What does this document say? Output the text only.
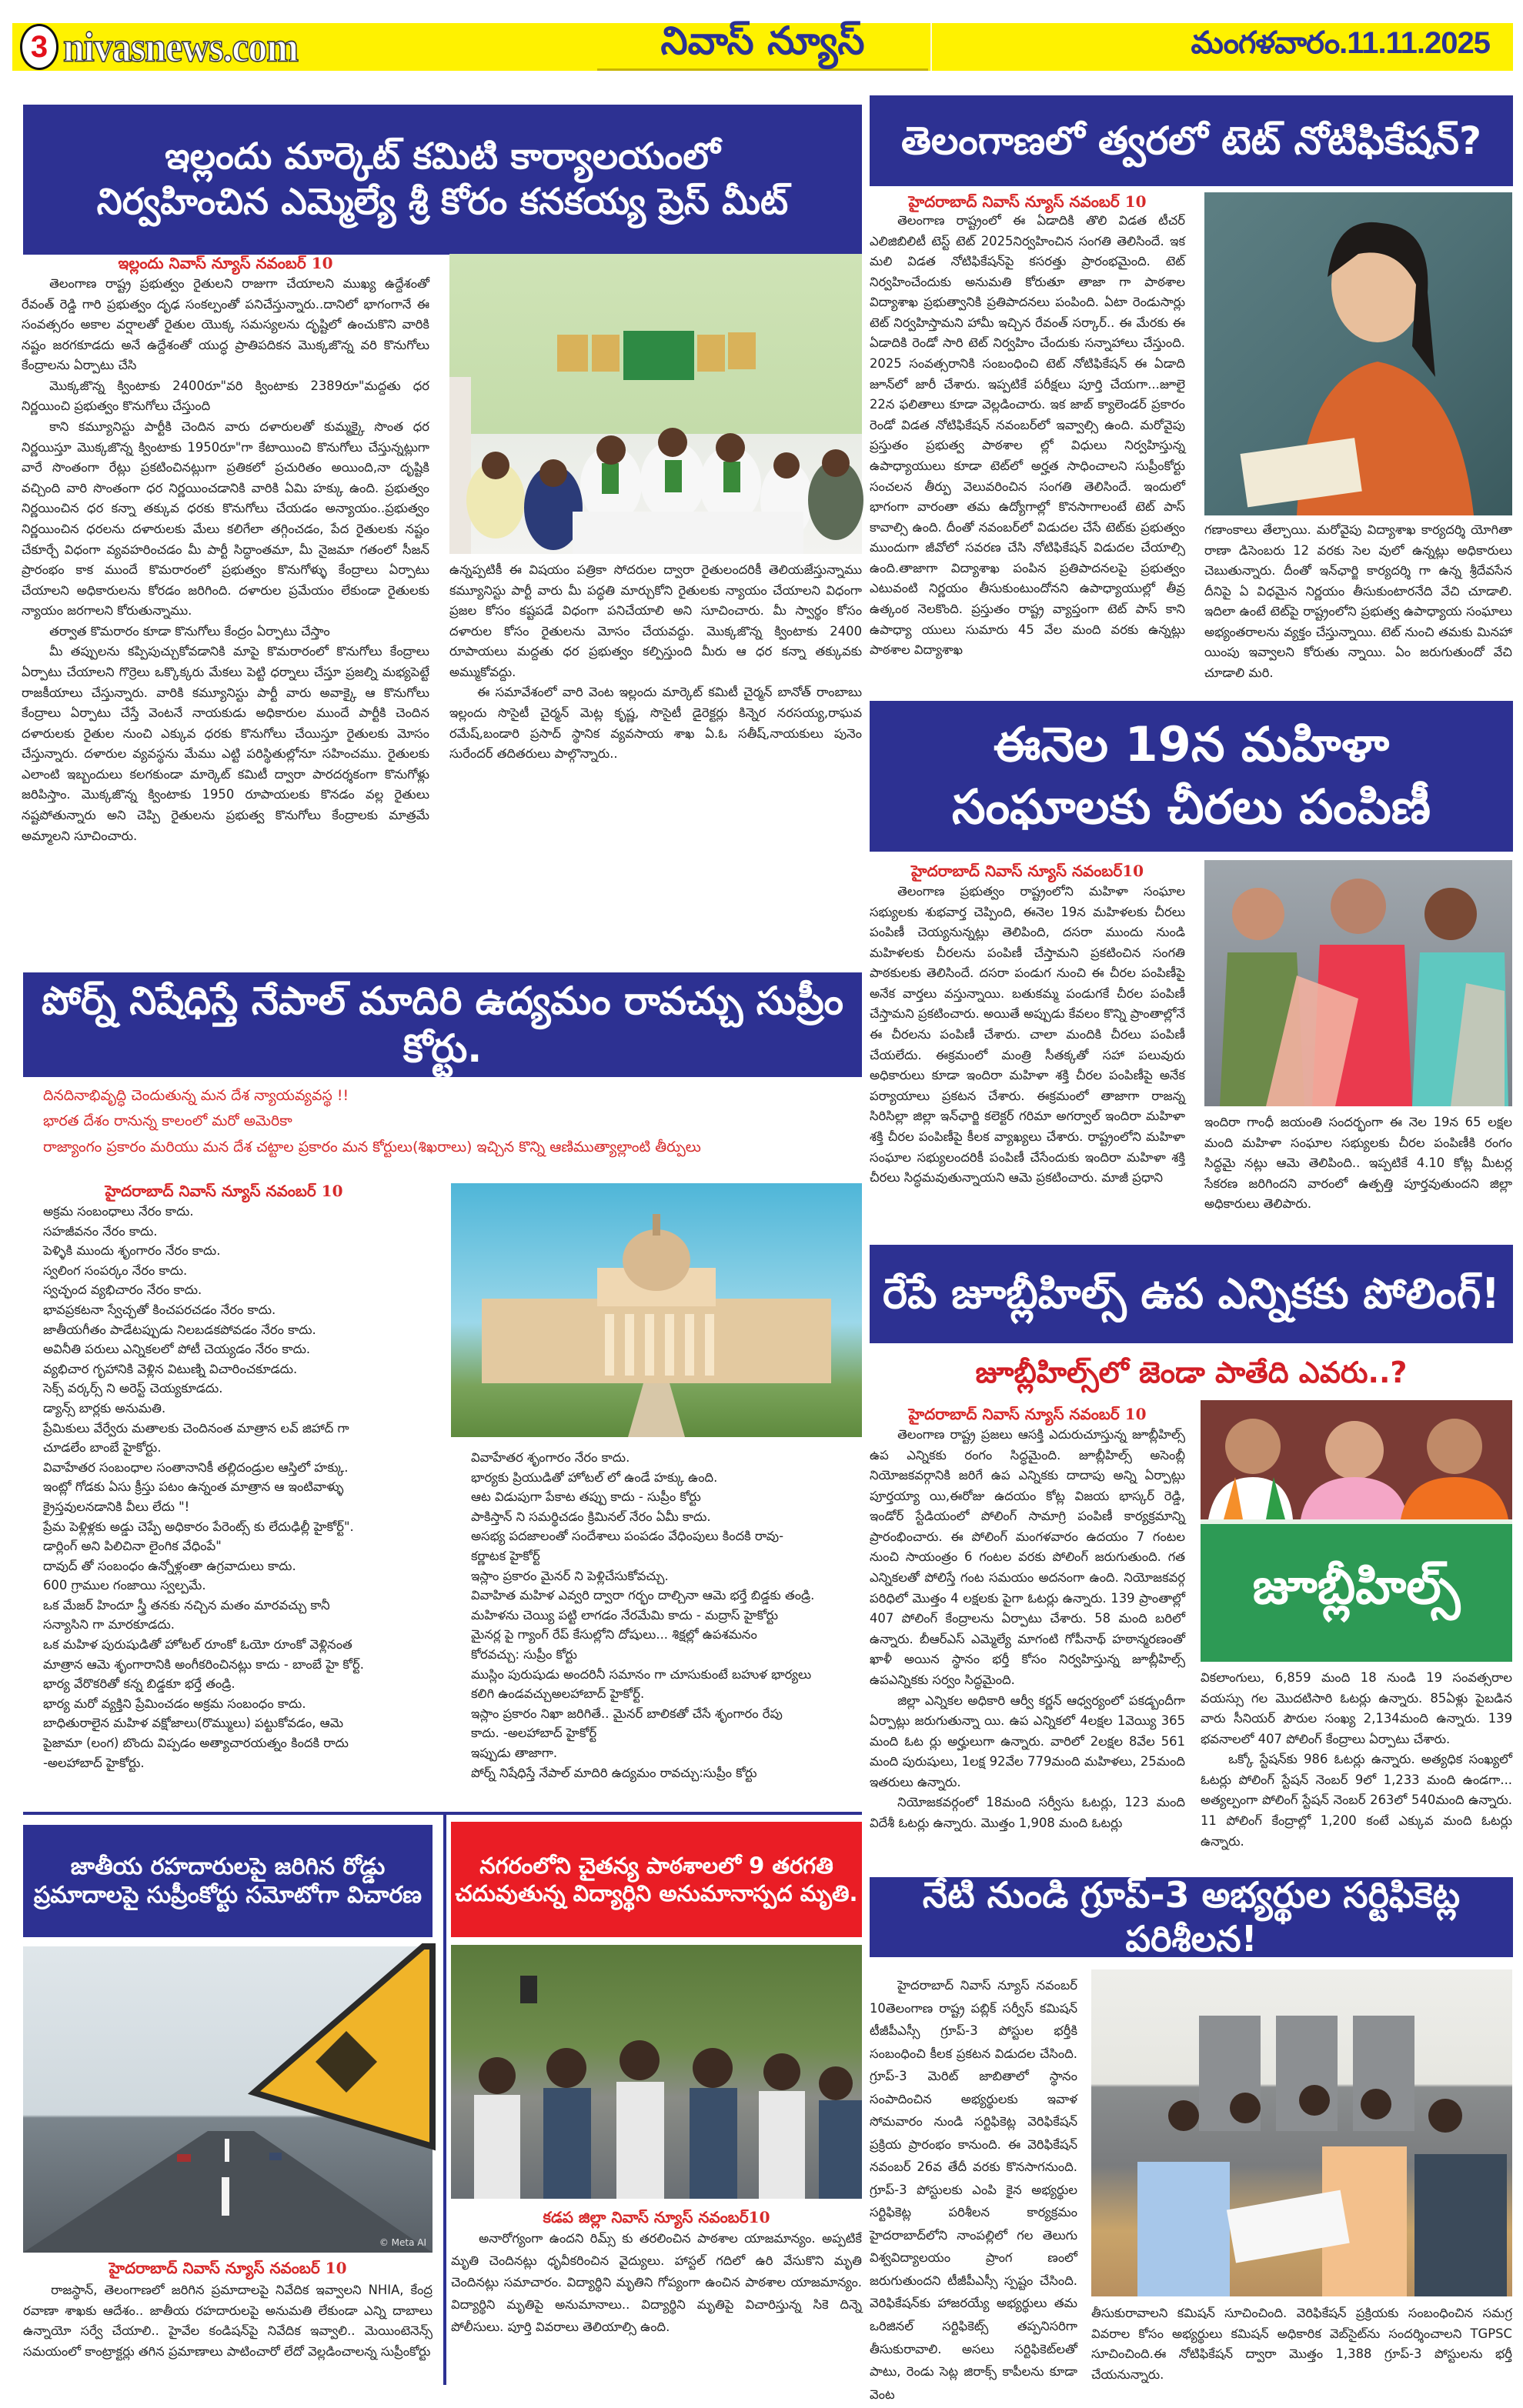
3 nivasnews.com	నివాస్ న్యూస్	మంగళవారం.11.11.2025
ఇల్లందు మార్కెట్ కమిటి కార్యాలయంలో
నిర్వహించిన ఎమ్మెల్యే శ్రీ కోరం కనకయ్య ప్రెస్ మీట్
ఇల్లందు నివాస్ న్యూస్ నవంబర్ 10

తెలంగాణ రాష్ట్ర ప్రభుత్వం రైతులని రాజుగా చేయాలని ముఖ్య ఉద్దేశంతో రేవంత్ రెడ్డి గారి ప్రభుత్వం దృఢ సంకల్పంతో పనిచేస్తున్నారు..దానిలో భాగంగానే ఈ సంవత్సరం అకాల వర్షాలతో రైతుల యొక్క సమస్యలను దృష్టిలో ఉంచుకొని వారికి నష్టం జరగకూడదు అనే ఉద్దేశంతో యుద్ధ ప్రాతిపదికన మొక్కజొన్న వరి కొనుగోలు కేంద్రాలను ఏర్పాటు చేసి

మొక్కజొన్న క్వింటాకు 2400రూ"వరి క్వింటాకు 2389రూ"మద్దతు ధర నిర్ణయించి ప్రభుత్వం కొనుగోలు చేస్తుంది

కాని కమ్యూనిస్టు పార్టీకి చెందిన వారు దళారులతో కుమ్మక్కై సొంత ధర నిర్ణయిస్తూ మొక్కజొన్న క్వింటాకు 1950రూ"గా కేటాయించి కొనుగోలు చేస్తున్నట్లుగా వారే సొంతంగా రేట్లు ప్రకటించినట్లుగా ప్రతికలో ప్రచురితం అయింది,నా దృష్టికి వచ్చింది వారి సొంతంగా ధర నిర్ణయించడానికి వారికి ఏమి హక్కు ఉంది. ప్రభుత్వం నిర్ణయించిన ధర కన్నా తక్కువ ధరకు కొనుగోలు చేయడం అన్యాయం..ప్రభుత్వం నిర్ణయించిన ధరలను దళారులకు మేలు కలిగేలా తగ్గించడం, పేద రైతులకు నష్టం చేకూర్చే విధంగా వ్యవహరించడం మీ పార్టీ సిద్ధాంతమా, మీ నైజమా గతంలో సీజన్ ప్రారంభం కాక ముందే కొమరారంలో ప్రభుత్వం కొనుగోళ్ళు కేంద్రాలు ఏర్పాటు చేయాలని అధికారులను కోరడం జరిగింది. దళారుల ప్రమేయం లేకుండా రైతులకు న్యాయం జరగాలని కోరుతున్నాము.

తర్వాత కొమరారం కూడా కొనుగోలు కేంద్రం ఏర్పాటు చేస్తాం

మీ తప్పులను కప్పిపుచ్చుకోవడానికి మాపై కొమరారంలో కొనుగోలు కేంద్రాలు ఏర్పాటు చేయాలని గొర్రెలు ఒక్కొక్కరు మేకలు పెట్టి ధర్నాలు చేస్తూ ప్రజల్ని మభ్యపెట్టే రాజకీయాలు చేస్తున్నారు. వారికి కమ్యూనిస్టు పార్టీ వారు అవాక్కై ఆ కొనుగోలు కేంద్రాలు ఏర్పాటు చేస్తే వెంటనే నాయకుడు అధికారుల ముందే పార్టీకి చెందిన దళారులకు రైతుల నుంచి ఎక్కువ ధరకు కొనుగోలు చేయిస్తూ రైతులకు మోసం చేస్తున్నారు. దళారుల వ్యవస్థను మేము ఎట్టి పరిస్థితుల్లోనూ సహించము. రైతులకు ఎలాంటి ఇబ్బందులు కలగకుండా మార్కెట్ కమిటీ ద్వారా పారదర్శకంగా కొనుగోళ్లు జరిపిస్తాం. మొక్కజొన్న క్వింటాకు 1950 రూపాయలకు కొనడం వల్ల రైతులు నష్టపోతున్నారు అని చెప్పి రైతులను ప్రభుత్వ కొనుగోలు కేంద్రాలకు మాత్రమే అమ్మాలని సూచించారు.

ఉన్నప్పటికీ ఈ విషయం పత్రికా సోదరుల ద్వారా రైతులందరికీ తెలియజేస్తున్నాము కమ్యూనిస్టు పార్టీ వారు మీ పద్ధతి మార్చుకోని రైతులకు న్యాయం చేయాలని విధంగా ప్రజల కోసం కష్టపడే విధంగా పనిచేయాలి అని సూచించారు. మీ స్వార్థం కోసం దళారుల కోసం రైతులను మోసం చేయవద్దు. మొక్కజొన్న క్వింటాకు 2400 రూపాయలు మద్దతు ధర ప్రభుత్వం కల్పిస్తుంది మీరు ఆ ధర కన్నా తక్కువకు అమ్ముకోవద్దు.

ఈ సమావేశంలో వారి వెంట ఇల్లందు మార్కెట్ కమిటీ చైర్మన్ బానోత్ రాంబాబు ఇల్లందు సొసైటీ చైర్మన్ మెట్ల కృష్ణ, సొసైటీ డైరెక్టర్లు కిన్నెర నరసయ్య,రాఘవ రమేష్,బండారి ప్రసాద్ స్థానిక వ్యవసాయ శాఖ ఏ.ఓ సతీష్,నాయకులు పునెం సురేందర్ తదితరులు పాల్గొన్నారు..

తెలంగాణలో త్వరలో టెట్ నోటిఫికేషన్?
హైదరాబాద్ నివాస్ న్యూస్ నవంబర్ 10

తెలంగాణ రాష్ట్రంలో ఈ ఏడాదికి తొలి విడత టీచర్ ఎలిజిబిలిటీ టెస్ట్ టెట్ 2025నిర్వహించిన సంగతి తెలిసిందే. ఇక మలి విడత నోటిఫికేషన్‌పై కసరత్తు ప్రారంభమైంది. టెట్ నిర్వహించేందుకు అనుమతి కోరుతూ తాజా గా పాఠశాల విద్యాశాఖ ప్రభుత్వానికి ప్రతిపాదనలు పంపింది. ఏటా రెండుసార్లు టెట్ నిర్వహిస్తామని హామీ ఇచ్చిన రేవంత్ సర్కార్.. ఈ మేరకు ఈ ఏడాదికి రెండో సారి టెట్ నిర్వహిం చేందుకు సన్నాహాలు చేస్తుంది. 2025 సంవత్సరానికి సంబంధించి టెట్ నోటిఫికేషన్ ఈ ఏడాది జూన్‌లో జారీ చేశారు. ఇప్పటికే పరీక్షలు పూర్తి చేయగా...జూలై 22న ఫలితాలు కూడా వెల్లడించారు. ఇక జాబ్ క్యాలెండర్ ప్రకారం రెండో విడత నోటిఫికేషన్ నవంబర్‌లో ఇవ్వాల్సి ఉంది. మరోవైపు ప్రస్తుతం ప్రభుత్వ పాఠశాల ల్లో విధులు నిర్వహిస్తున్న ఉపాధ్యాయులు కూడా టెట్‌లో అర్హత సాధించాలని సుప్రీంకోర్టు సంచలన తీర్పు వెలువరించిన సంగతి తెలిసిందే. ఇందులో భాగంగా వారంతా తమ ఉద్యోగాల్లో కొనసాగాలంటే టెట్ పాస్ కావాల్సి ఉంది. దీంతో నవంబర్‌లో విడుదల చేసే టెట్‌కు ప్రభుత్వం ముందుగా జీవోలో సవరణ చేసి నోటిఫికేషన్ విడుదల చేయాల్సి ఉంది.తాజాగా విద్యాశాఖ పంపిన ప్రతిపాదనలపై ప్రభుత్వం ఎటువంటి నిర్ణయం తీసుకుంటుందోనని ఉపాధ్యాయుల్లో తీవ్ర ఉత్కంఠ నెలకొంది. ప్రస్తుతం రాష్ట్ర వ్యాప్తంగా టెట్ పాస్ కాని ఉపాధ్యా యులు సుమారు 45 వేల మంది వరకు ఉన్నట్లు పాఠశాల విద్యాశాఖ

గణాంకాలు తేల్చాయి. మరోవైపు విద్యాశాఖ కార్యదర్శి యోగితా రాణా డిసెంబరు 12 వరకు సెల వులో ఉన్నట్లు అధికారులు చెబుతున్నారు. దీంతో ఇన్‌ఛార్జి కార్యదర్శి గా ఉన్న శ్రీదేవసేన దీనిపై ఏ విధమైన నిర్ణయం తీసుకుంటారనేది వేచి చూడాలి. ఇదిలా ఉంటే టెట్‌పై రాష్ట్రంలోని ప్రభుత్వ ఉపాధ్యాయ సంఘాలు అభ్యంతరాలను వ్యక్తం చేస్తున్నాయి. టెట్ నుంచి తమకు మినహా యింపు ఇవ్వాలని కోరుతు న్నాయి. ఏం జరుగుతుందో వేచి చూడాలి మరి.

ఈనెల 19న మహిళా
సంఘాలకు చీరలు పంపిణీ
హైదరాబాద్ నివాస్ న్యూస్ నవంబర్10

తెలంగాణ ప్రభుత్వం రాష్ట్రంలోని మహిళా సంఘాల సభ్యులకు శుభవార్త చెప్పింది, ఈనెల 19న మహిళలకు చీరలు పంపిణీ చెయ్యనున్నట్లు తెలిపింది, దసరా ముందు నుండి మహిళలకు చీరలను పంపిణీ చేస్తామని ప్రకటించిన సంగతి పాఠకులకు తెలిసిందే. దసరా పండుగ నుంచి ఈ చీరల పంపిణీపై అనేక వార్తలు వస్తున్నాయి. బతుకమ్మ పండుగకే చీరల పంపిణీ చేస్తామని ప్రకటించారు. అయితే అప్పుడు కేవలం కొన్ని ప్రాంతాల్లోనే ఈ చీరలను పంపిణీ చేశారు. చాలా మందికి చీరలు పంపిణీ చేయలేదు. ఈక్రమంలో మంత్రి సీతక్కతో సహా పలువురు అధికారులు కూడా ఇందిరా మహిళా శక్తి చీరల పంపిణీపై అనేక పర్యాయాలు ప్రకటన చేశారు. ఈక్రమంలో తాజాగా రాజన్న సిరిసిల్లా జిల్లా ఇన్‌ఛార్జి కలెక్టర్ గరిమా అగర్వాల్ ఇందిరా మహిళా శక్తి చీరల పంపిణీపై కీలక వ్యాఖ్యలు చేశారు. రాష్ట్రంలోని మహిళా సంఘాల సభ్యులందరికీ పంపిణీ చేసేందుకు ఇందిరా మహిళా శక్తి చీరలు సిద్ధమవుతున్నాయని ఆమె ప్రకటించారు. మాజీ ప్రధాని

ఇందిరా గాంధీ జయంతి సందర్భంగా ఈ నెల 19న 65 లక్షల మంది మహిళా సంఘాల సభ్యులకు చీరల పంపిణీకి రంగం సిద్ధమై నట్లు ఆమె తెలిపింది.. ఇప్పటికే 4.10 కోట్ల మీటర్ల సేకరణ జరిగిందని వారంలో ఉత్పత్తి పూర్తవుతుందని జిల్లా అధికారులు తెలిపారు.

పోర్న్ నిషేధిస్తే నేపాల్ మాదిరి ఉద్యమం రావచ్చు సుప్రీం కోర్టు.
దినదినాభివృద్ధి చెందుతున్న మన దేశ న్యాయవ్యవస్థ !!
భారత దేశం రానున్న కాలంలో మరో అమెరికా
రాజ్యాంగం ప్రకారం మరియు మన దేశ చట్టాల ప్రకారం మన కోర్టులు(శిఖరాలు) ఇచ్చిన కొన్ని ఆణిముత్యాల్లాంటి తీర్పులు
హైదరాబాద్ నివాస్ న్యూస్ నవంబర్ 10
అక్రమ సంబంధాలు నేరం కాదు.
సహజీవనం నేరం కాదు.
పెళ్ళికి ముందు శృంగారం నేరం కాదు.
స్వలింగ సంపర్కం నేరం కాదు.
స్వచ్ఛంద వ్యభిచారం నేరం కాదు.
భావప్రకటనా స్వేచ్ఛతో కించపరచడం నేరం కాదు.
జాతీయగీతం పాడేటప్పుడు నిలబడకపోవడం నేరం కాదు.
అవినీతి పరులు ఎన్నికలలో పోటీ చెయ్యడం నేరం కాదు.
వ్యభిచార గృహానికి వెళ్లిన విటుణ్ని విచారించకూడదు.
సెక్స్ వర్కర్స్ ని అరెస్ట్ చెయ్యకూడదు.
డ్యాన్స్ బార్లకు అనుమతి.
ప్రేమికులు వేర్వేరు మతాలకు చెందినంత మాత్రాన లవ్ జిహాద్ గా
చూడలేం బాంబే హైకోర్టు.
వివాహేతర సంబంధాల సంతానానికీ తల్లిదండ్రుల ఆస్తిలో హక్కు.
ఇంట్లో గోడకు ఏసు క్రీస్తు పటం ఉన్నంత మాత్రాన ఆ ఇంటివాళ్ళు
క్రైస్తవులనడానికి వీలు లేదు "!
ప్రేమ పెళ్లిళ్లకు అడ్డు చెప్పే అధికారం పేరెంట్స్ కు లేదుఢిల్లీ హైకోర్ట్".
డార్లింగ్ అని పిలిచినా లైంగిక వేధింపే"
దావుద్ తో సంబంధం ఉన్నోళ్లంతా ఉగ్రవాదులు కాదు.
600 గ్రాముల గంజాయి స్వల్పమే.
ఒక మేజర్ హిందూ స్త్రీ తనకు నచ్చిన మతం మారవచ్చు కానీ
సన్యాసిని గా మారకూడదు.
ఒక మహిళ పురుషుడితో హోటల్ రూంకో ఓయో రూంకో వెళ్లినంత
మాత్రాన ఆమె శృంగారానికి అంగీకరించినట్లు కాదు - బాంబే హై కోర్ట్.
భార్య వేరొకరితో కన్న బిడ్డకూ భర్తే తండ్రి.
భార్య మరో వ్యక్తిని ప్రేమించడం అక్రమ సంబంధం కాదు.
బాధితురాలైన మహిళ వక్షోజాలు(రొమ్ములు) పట్టుకోవడం, ఆమె
పైజామా (లంగ) బొందు విప్పడం అత్యాచారయత్నం కిందకి రాదు
-అలహాబాద్ హైకోర్టు.
వివాహేతర శృంగారం నేరం కాదు.
భార్యకు ప్రియుడితో హోటల్ లో ఉండే హక్కు ఉంది.
ఆట విడుపుగా పేకాట తప్పు కాదు - సుప్రీం కోర్టు
పాకిస్తాన్ ని సమర్థిచడం క్రిమినల్ నేరం ఏమీ కాదు.
అసభ్య పదజాలంతో సందేశాలు పంపడం వేధింపులు కిందకి రావు-
కర్ణాటక హైకోర్ట్
ఇస్లాం ప్రకారం మైనర్ ని పెళ్లిచేసుకోవచ్చు.
వివాహిత మహిళ ఎవ్వరి ద్వారా గర్భం దాల్చినా ఆమె భర్తే బిడ్డకు తండ్రి.
మహిళను చెయ్యి పట్టి లాగడం నేరమేమి కాదు - మద్రాస్ హైకోర్టు
మైనర్ల పై గ్యాంగ్ రేప్ కేసుల్లోని దోషులు... శిక్షల్లో ఉపశమనం
కోరవచ్చు: సుప్రీం కోర్టు
ముస్లిం పురుషుడు అందరినీ సమానం గా చూసుకుంటే బహుళ భార్యలు
కలిగి ఉండవచ్చుఅలహాబాద్ హైకోర్ట్.
ఇస్లాం ప్రకారం నిఖా జరిగితే.. మైనర్ బాలికతో చేసే శృంగారం రేపు
కాదు. -అలహాబాద్ హైకోర్ట్
ఇప్పుడు తాజాగా.
పోర్న్ నిషేధిస్తే నేపాల్ మాదిరి ఉద్యమం రావచ్చు:సుప్రీం కోర్టు
రేపే జూబ్లీహిల్స్ ఉప ఎన్నికకు పోలింగ్!
జూబ్లీహిల్స్‌లో జెండా పాతేది ఎవరు..?
హైదరాబాద్ నివాస్ న్యూస్ నవంబర్ 10

తెలంగాణ రాష్ట్ర ప్రజలు ఆసక్తి ఎదురుచూస్తున్న జూబ్లీహిల్స్ ఉప ఎన్నికకు రంగం సిద్ధమైంది. జూబ్లీహిల్స్ అసెంబ్లీ నియోజకవర్గానికి జరిగే ఉప ఎన్నికకు దాదాపు అన్ని ఏర్పాట్లు పూర్తయ్యా యి,ఈరోజు ఉదయం కోట్ల విజయ భాస్కర్ రెడ్డి, ఇండోర్ స్టేడియంలో పోలింగ్ సామాగ్రి పంపిణీ కార్యక్రమాన్ని ప్రారంభించారు. ఈ పోలింగ్ మంగళవారం ఉదయం 7 గంటల నుంచి సాయంత్రం 6 గంటల వరకు పోలింగ్ జరుగుతుంది. గత ఎన్నికలతో పోలిస్తే గంట సమయం అదనంగా ఉంది. నియోజకవర్గ పరిధిలో మొత్తం 4 లక్షలకు పైగా ఓటర్లు ఉన్నారు. 139 ప్రాంతాల్లో 407 పోలింగ్ కేంద్రాలను ఏర్పాటు చేశారు. 58 మంది బరిలో ఉన్నారు. బీఆర్ఎస్ ఎమ్మెల్యే మాగంటి గోపీనాథ్ హఠాన్మరణంతో ఖాళీ అయిన స్థానం భర్తీ కోసం నిర్వహిస్తున్న జూబ్లీహిల్స్ ఉపఎన్నికకు సర్వం సిద్ధమైంది.

జిల్లా ఎన్నికల అధికారి ఆర్వీ కర్ణన్ ఆధ్వర్యంలో పకడ్బందీగా ఏర్పాట్లు జరుగుతున్నా యి. ఉప ఎన్నికలో 4లక్షల 1వెయ్యి 365 మంది ఓట ర్లు అర్హులుగా ఉన్నారు. వారిలో 2లక్షల 8వేల 561 మంది పురుషులు, 1లక్ష 92వేల 779మంది మహిళలు, 25మంది ఇతరులు ఉన్నారు.

నియోజకవర్గంలో 18మంది సర్వీసు ఓటర్లు, 123 మంది విదేశీ ఓటర్లు ఉన్నారు. మొత్తం 1,908 మంది ఓటర్లు

జూబ్లీహిల్స్

వికలాంగులు, 6,859 మంది 18 నుండి 19 సంవత్సరాల వయస్సు గల మొదటిసారి ఓటర్లు ఉన్నారు. 85ఏళ్లు పైబడిన వారు సీనియర్ పౌరుల సంఖ్య 2,134మంది ఉన్నారు. 139 భవనాలలో 407 పోలింగ్ కేంద్రాలు ఏర్పాటు చేశారు.

ఒక్కో స్టేషన్‌కు 986 ఓటర్లు ఉన్నారు. అత్యధిక సంఖ్యలో ఓటర్లు పోలింగ్ స్టేషన్ నెంబర్ 9లో 1,233 మంది ఉండగా... అత్యల్పంగా పోలింగ్ స్టేషన్ నెంబర్ 263లో 540మంది ఉన్నారు. 11 పోలింగ్ కేంద్రాల్లో 1,200 కంటే ఎక్కువ మంది ఓటర్లు ఉన్నారు.

జాతీయ రహదారులపై జరిగిన రోడ్డు
ప్రమాదాలపై సుప్రీంకోర్టు సమోటోగా విచారణ
© Meta AI
హైదరాబాద్ నివాస్ న్యూస్ నవంబర్ 10

రాజస్థాన్, తెలంగాణలో జరిగిన ప్రమాదాలపై నివేదిక ఇవ్వాలని NHIA, కేంద్ర రవాణా శాఖకు ఆదేశం.. జాతీయ రహదారులపై అనుమతి లేకుండా ఎన్ని దాబాలు ఉన్నాయో సర్వే చేయాలి.. హైవేల కండిషన్‌పై నివేదిక ఇవ్వాలి.. మెయింటెనెన్స్ సమయంలో కాంట్రాక్టర్లు తగిన ప్రమాణాలు పాటించారో లేదో వెల్లడించాలన్న సుప్రీంకోర్టు

నగరంలోని చైతన్య పాఠశాలలో 9 తరగతి
చదువుతున్న విద్యార్థిని అనుమానాస్పద మృతి.
కడప జిల్లా నివాస్ న్యూస్ నవంబర్10

అనారోగ్యంగా ఉందని రిమ్స్ కు తరలించిన పాఠశాల యాజమాన్యం. అప్పటికే మృతి చెందినట్లు ధృవీకరించిన వైద్యులు. హాస్టల్ గదిలో ఉరి వేసుకొని మృతి చెందినట్లు సమాచారం. విద్యార్థిని మృతిని గోప్యంగా ఉంచిన పాఠశాల యాజమాన్యం. విద్యార్థిని మృతిపై అనుమానాలు.. విద్యార్థిని మృతిపై విచారిస్తున్న సికె దిన్నె పోలీసులు. పూర్తి వివరాలు తెలియాల్సి ఉంది.

నేటి నుండి గ్రూప్-3 అభ్యర్థుల సర్టిఫికెట్ల పరిశీలన!

హైదరాబాద్ నివాస్ న్యూస్ నవంబర్ 10తెలంగాణ రాష్ట్ర పబ్లిక్ సర్వీస్ కమిషన్ టీజీపీఎస్సీ గ్రూప్-3 పోస్టుల భర్తీకి సంబంధించి కీలక ప్రకటన విడుదల చేసింది. గ్రూప్-3 మెరిట్ జాబితాలో స్థానం సంపాదించిన అభ్యర్థులకు ఇవాళ సోమవారం నుండి సర్టిఫికెట్ల వెరిఫికేషన్ ప్రక్రియ ప్రారంభం కానుంది. ఈ వెరిఫికేషన్ నవంబర్ 26వ తేదీ వరకు కొనసాగనుంది. గ్రూప్-3 పోస్టులకు ఎంపి కైన అభ్యర్థుల సర్టిఫికెట్ల పరిశీలన కార్యక్రమం హైదరాబాద్‌లోని నాంపల్లిలో గల తెలుగు విశ్వవిద్యాలయం ప్రాంగ ణంలో జరుగుతుందని టీజీపీఎస్సీ స్పష్టం చేసింది. వెరిఫికేషన్‌కు హాజరయ్యే అభ్యర్థులు తమ ఒరిజినల్ సర్టిఫికెట్స్ తప్పనిసరిగా తీసుకురావాలి. అసలు సర్టిఫికెట్‌లతో పాటు, రెండు సెట్ల జిరాక్స్ కాపీలను కూడా వెంట

తీసుకురావాలని కమిషన్ సూచించింది. వెరిఫికేషన్ ప్రక్రియకు సంబంధించిన సమగ్ర వివరాల కోసం అభ్యర్థులు కమిషన్ అధికారిక వెబ్‌సైట్‌ను సందర్శించాలని TGPSC సూచించింది.ఈ నోటిఫికేషన్ ద్వారా మొత్తం 1,388 గ్రూప్-3 పోస్టులను భర్తీ చేయనున్నారు.
